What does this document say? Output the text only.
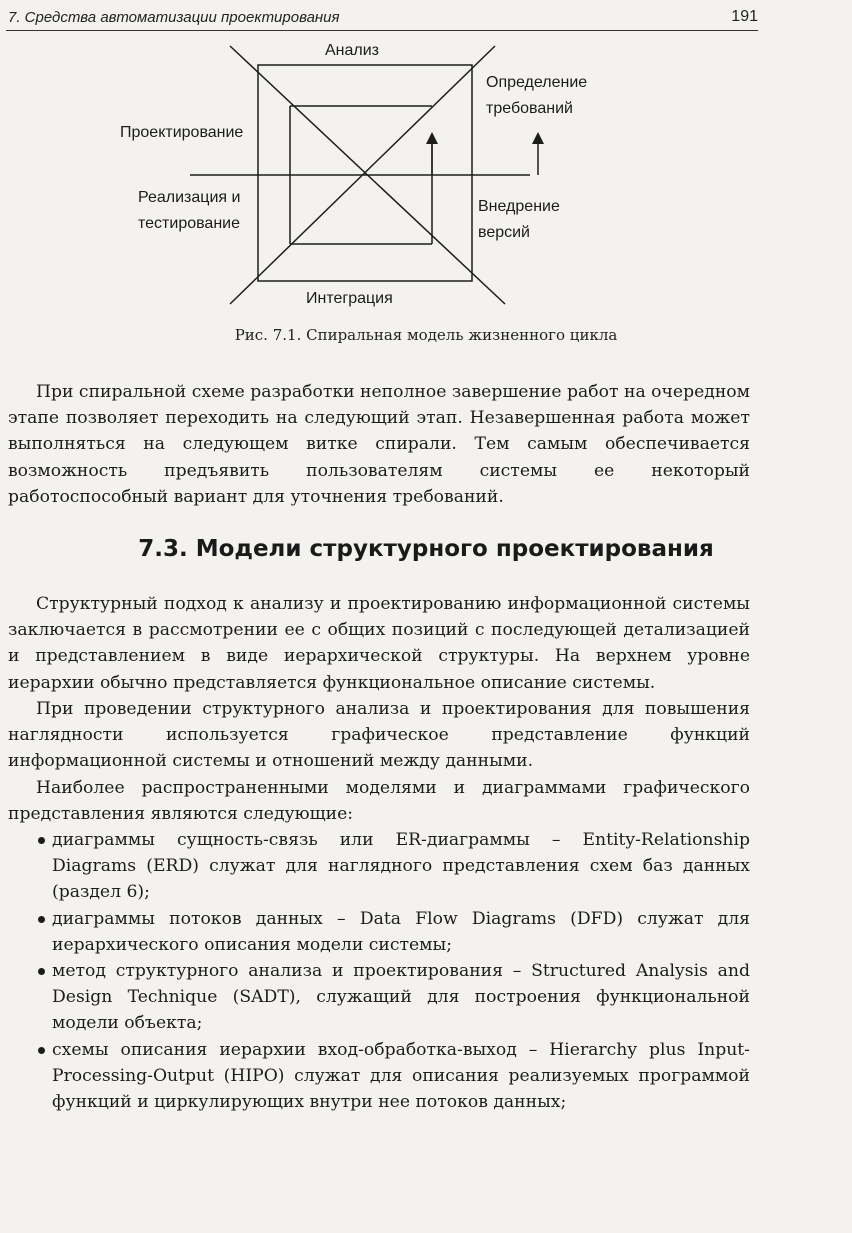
7. Средства автоматизации проектирования	191
Анализ
Определение требований
Проектирование
Реализация и тестирование
Внедрение версий
Интеграция
Рис. 7.1. Спиральная модель жизненного цикла

При спиральной схеме разработки неполное завершение работ на очередном этапе позволяет переходить на следующий этап. Незавершенная работа может выполняться на следующем витке спирали. Тем самым обеспечивается возможность предъявить пользователям системы ее некоторый работоспособный вариант для уточнения требований.

7.3. Модели структурного проектирования

Структурный подход к анализу и проектированию информационной системы заключается в рассмотрении ее с общих позиций с последующей детализацией и представлением в виде иерархической структуры. На верхнем уровне иерархии обычно представляется функциональное описание системы.

При проведении структурного анализа и проектирования для повышения наглядности используется графическое представление функций информационной системы и отношений между данными.

Наиболее распространенными моделями и диаграммами графического представления являются следующие:

диаграммы сущность-связь или ER-диаграммы – Entity-Relationship Diagrams (ERD) служат для наглядного представления схем баз данных (раздел 6);
диаграммы потоков данных – Data Flow Diagrams (DFD) служат для иерархического описания модели системы;
метод структурного анализа и проектирования – Structured Analysis and Design Technique (SADT), служащий для построения функциональной модели объекта;
схемы описания иерархии вход-обработка-выход – Hierarchy plus Input-Processing-Output (HIPO) служат для описания реализуемых программой функций и циркулирующих внутри нее потоков данных;
